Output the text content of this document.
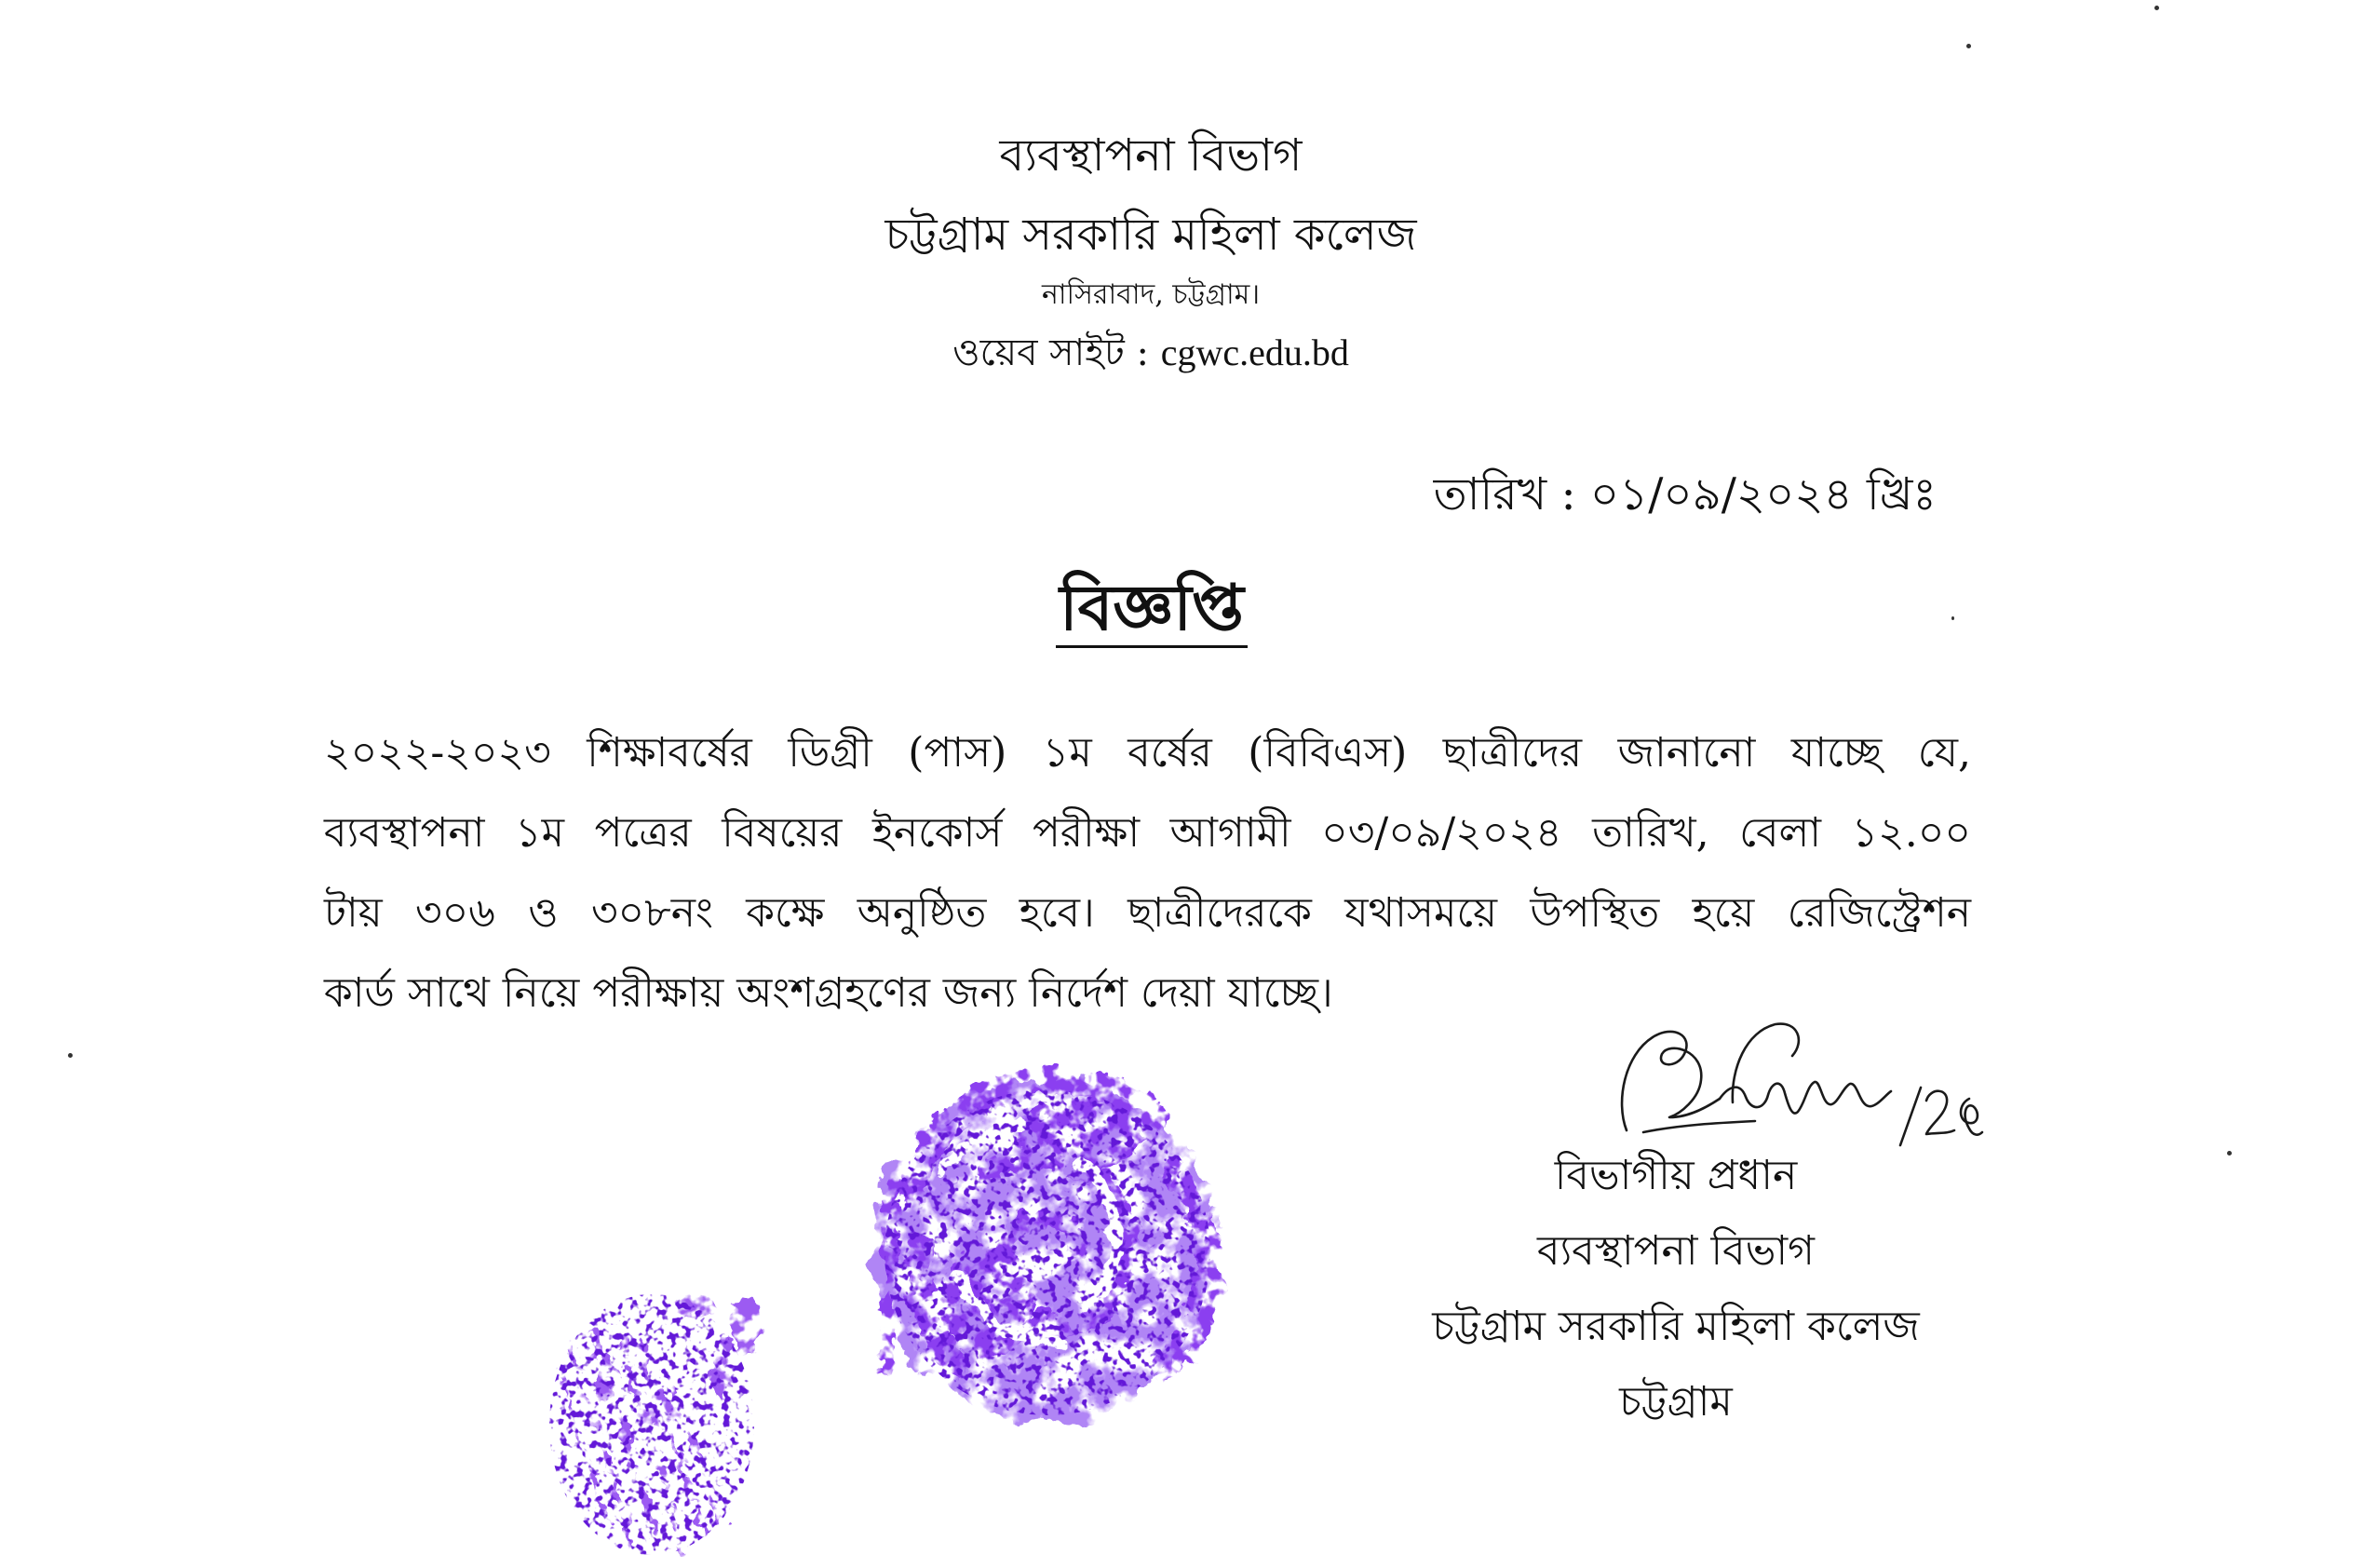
ব্যবস্থাপনা বিভাগ
চট্টগ্রাম সরকারি মহিলা কলেজ
নাসিরাবাদ, চট্টগ্রাম।
ওয়েব সাইট : cgwc.edu.bd
তারিখ : ০১/০৯/২০২৪ খ্রিঃ
বিজ্ঞপ্তি
২০২২-২০২৩ শিক্ষাবর্ষের ডিগ্রী (পাস) ১ম বর্ষের (বিবিএস) ছাত্রীদের জানানো যাচ্ছে যে,
ব্যবস্থাপনা ১ম পত্রের বিষয়ের ইনকোর্স পরীক্ষা আগামী ০৩/০৯/২০২৪ তারিখ, বেলা ১২.০০
টায় ৩০৬ ও ৩০৮নং কক্ষে অনুষ্ঠিত হবে। ছাত্রীদেরকে যথাসময়ে উপস্থিত হয়ে রেজিস্ট্রেশন
কার্ড সাথে নিয়ে পরীক্ষায় অংশগ্রহণের জন্য নির্দেশ দেয়া যাচ্ছে।
বিভাগীয় প্রধান
ব্যবস্থাপনা বিভাগ
চট্টগ্রাম সরকারি মহিলা কলেজ
চট্টগ্রাম
